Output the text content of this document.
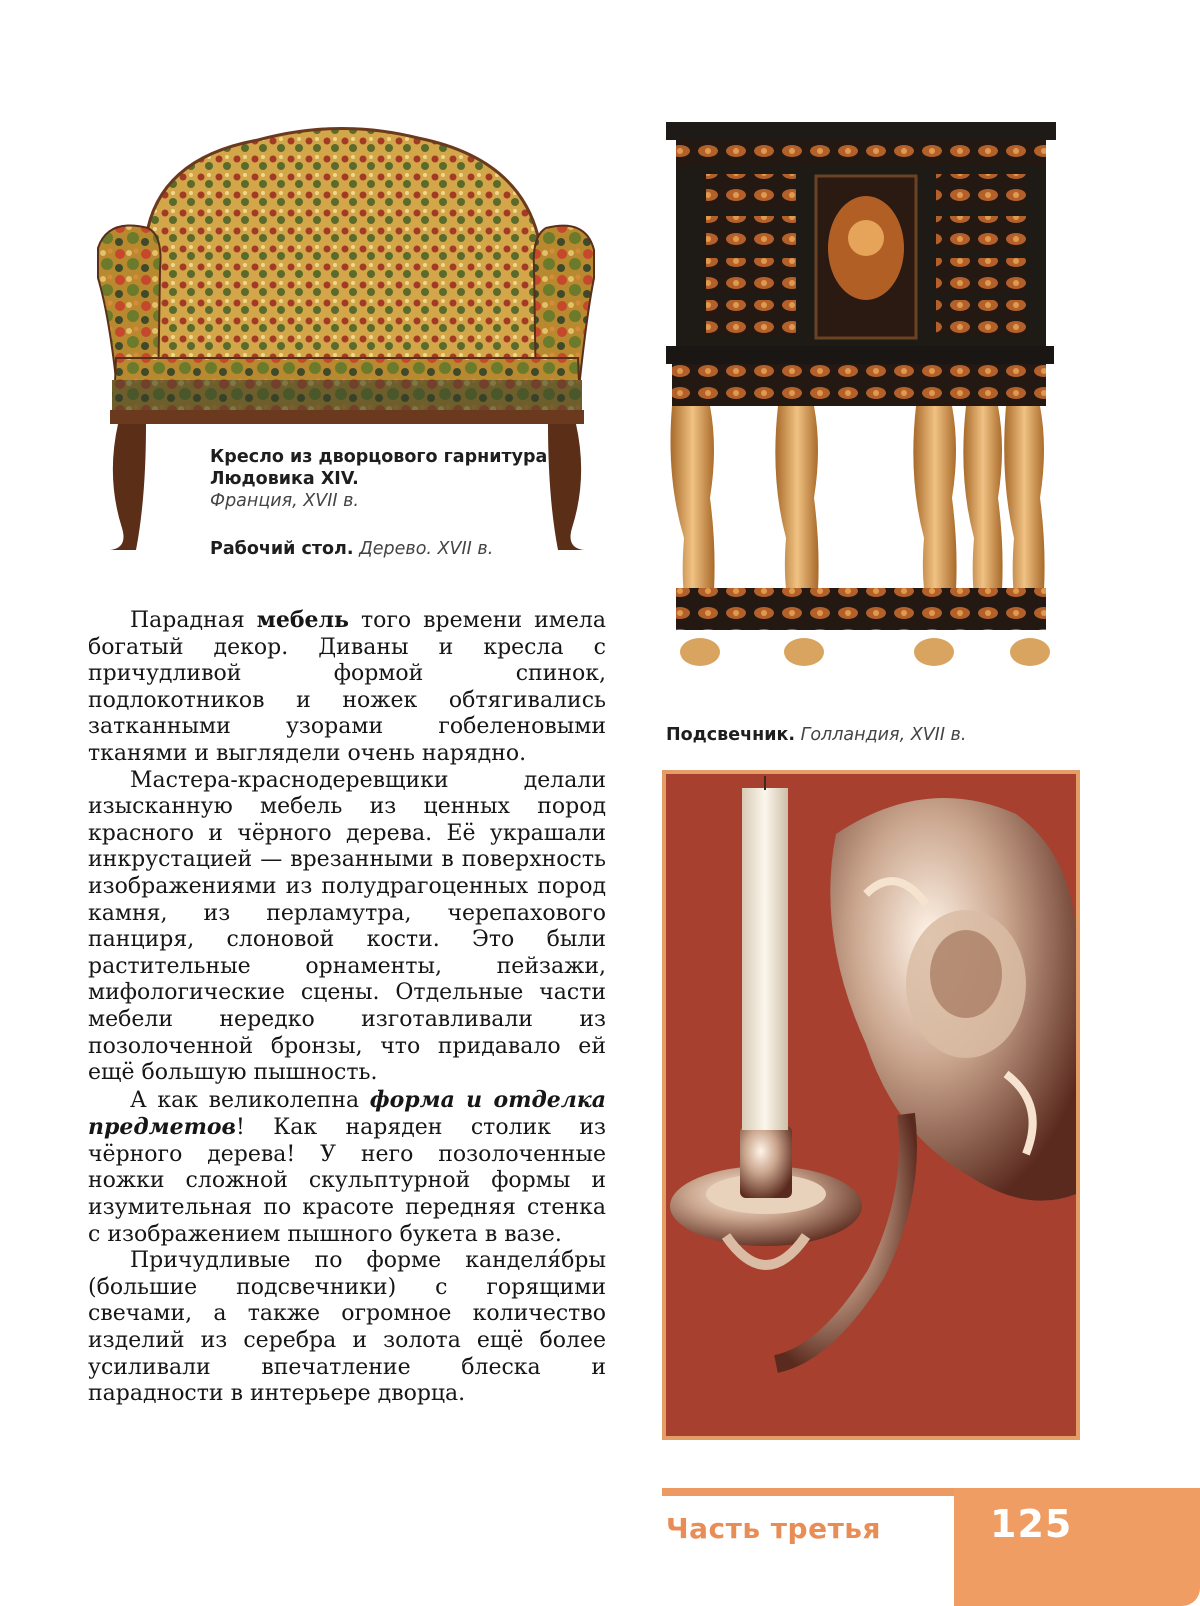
Кресло из дворцового гарнитура Людовика XIV.
Франция, XVII в.

Рабочий стол. Дерево. XVII в.

Подсвечник. Голландия, XVII в.

Парадная мебель того времени имела богатый декор. Диваны и кресла с причудливой формой спинок, подлокотников и ножек обтягивались затканными узорами гобеленовыми тканями и выглядели очень нарядно.

Мастера-краснодеревщики делали изысканную мебель из ценных пород красного и чёрного дерева. Её украшали инкрустацией — врезанными в поверхность изображениями из полудрагоценных пород камня, из перламутра, черепахового панциря, слоновой кости. Это были растительные орнаменты, пейзажи, мифологические сцены. Отдельные части мебели нередко изготавливали из позолоченной бронзы, что придавало ей ещё большую пышность.

А как великолепна форма и отделка предметов! Как наряден столик из чёрного дерева! У него позолоченные ножки сложной скульптурной формы и изумительная по красоте передняя стенка с изображением пышного букета в вазе.

Причудливые по форме канделя́бры (большие подсвечники) с горящими свечами, а также огромное количество изделий из серебра и золота ещё более усиливали впечатление блеска и парадности в интерьере дворца.

Часть третья	125
